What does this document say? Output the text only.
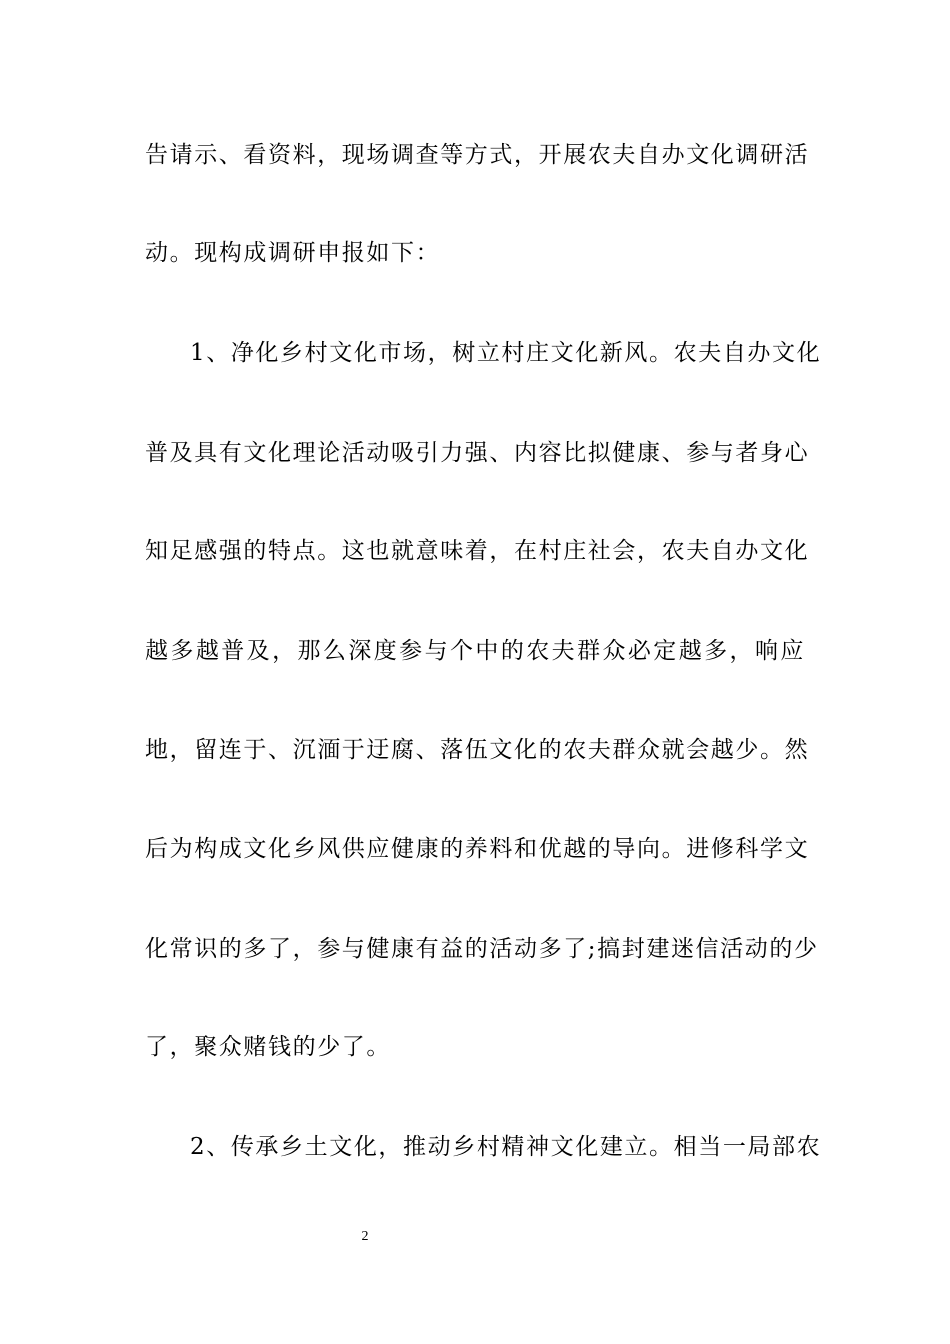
告请示、看资料，现场调查等方式，开展农夫自办文化调研活
动。现构成调研申报如下：
1、净化乡村文化市场，树立村庄文化新风。农夫自办文化
普及具有文化理论活动吸引力强、内容比拟健康、参与者身心
知足感强的特点。这也就意味着，在村庄社会，农夫自办文化
越多越普及，那么深度参与个中的农夫群众必定越多，响应
地，留连于、沉湎于迂腐、落伍文化的农夫群众就会越少。然
后为构成文化乡风供应健康的养料和优越的导向。进修科学文
化常识的多了，参与健康有益的活动多了;搞封建迷信活动的少
了，聚众赌钱的少了。
2、传承乡土文化，推动乡村精神文化建立。相当一局部农
2
